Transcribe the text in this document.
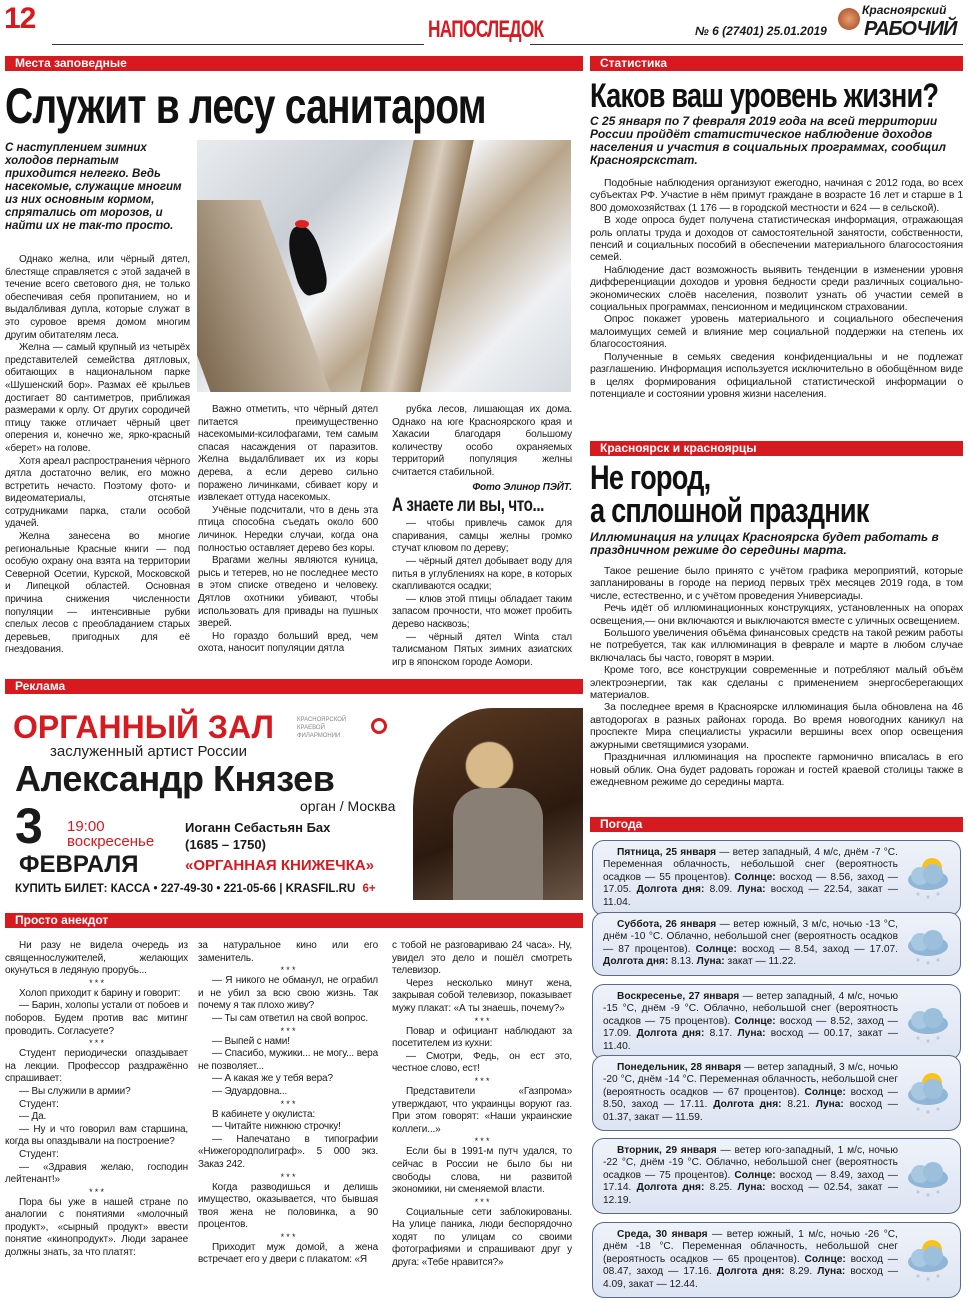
12	НАПОСЛЕДОК	№ 6 (27401) 25.01.2019
Красноярский
РАБОЧИЙ
Места заповедные
Служит в лесу санитаром
С наступлением зимних холодов пернатым приходится нелегко. Ведь насекомые, служащие многим из них основным кормом, спрятались от морозов, и найти их не так-то просто.

Однако желна, или чёрный дятел, блестяще справляется с этой задачей в течение всего светового дня, не только обеспечивая себя пропитанием, но и выдалбливая дупла, которые служат в это суровое время домом многим другим обитателям леса.

Желна — самый крупный из четырёх представителей семейства дятловых, обитающих в национальном парке «Шушенский бор». Размах её крыльев достигает 80 сантиметров, приближая размерами к орлу. От других сородичей птицу также отличает чёрный цвет оперения и, конечно же, ярко-красный «берет» на голове.

Хотя ареал распространения чёрного дятла достаточно велик, его можно встретить нечасто. Поэтому фото- и видеоматериалы, отснятые сотрудниками парка, стали особой удачей.

Желна занесена во многие региональные Красные книги — под особую охрану она взята на территории Северной Осетии, Курской, Московской и Липецкой областей. Основная причина снижения численности популяции — интенсивные рубки спелых лесов с преобладанием старых деревьев, пригодных для её гнездования.

Важно отметить, что чёрный дятел питается преимущественно насекомыми-ксилофагами, тем самым спасая насаждения от паразитов. Желна выдалбливает их из коры дерева, а если дерево сильно поражено личинками, сбивает кору и извлекает оттуда насекомых.

Учёные подсчитали, что в день эта птица способна съедать около 600 личинок. Нередки случаи, когда она полностью оставляет дерево без коры.

Врагами желны являются куница, рысь и тетерев, но не последнее место в этом списке отведено и человеку. Дятлов охотники убивают, чтобы использовать для привады на пушных зверей.

Но гораздо больший вред, чем охота, наносит популяции дятла

рубка лесов, лишающая их дома. Однако на юге Красноярского края и Хакасии благодаря большому количеству особо охраняемых территорий популяция желны считается стабильной.

Фото Элинор ПЭЙТ.
А знаете ли вы, что...

— чтобы привлечь самок для спаривания, самцы желны громко стучат клювом по дереву;

— чёрный дятел добывает воду для питья в углублениях на коре, в которых скапливаются осадки;

— клюв этой птицы обладает таким запасом прочности, что может пробить дерево насквозь;

— чёрный дятел Winta стал талисманом Пятых зимних азиатских игр в японском городе Аомори.

Реклама
ОРГАННЫЙ ЗАЛ	КРАСНОЯРСКОЙ КРАЕВОЙ ФИЛАРМОНИИ
заслуженный артист России
Александр Князев
орган / Москва
3 19:00
воскресенье
ФЕВРАЛЯ
Иоганн Себастьян Бах
(1685 – 1750)
«ОРГАННАЯ КНИЖЕЧКА»
КУПИТЬ БИЛЕТ: КАССА • 227-49-30 • 221-05-66 | KRASFIL.RU 6+
Просто анекдот

Ни разу не видела очередь из священнослужителей, желающих окунуться в ледяную прорубь...

* * *

Холоп приходит к барину и говорит:

— Барин, холопы устали от побоев и поборов. Будем против вас митинг проводить. Согласуете?

* * *

Студент периодически опаздывает на лекции. Профессор раздражённо спрашивает:

— Вы служили в армии?

Студент:

— Да.

— Ну и что говорил вам старшина, когда вы опаздывали на построение?

Студент:

— «Здравия желаю, господин лейтенант!»

* * *

Пора бы уже в нашей стране по аналогии с понятиями «молочный продукт», «сырный продукт» ввести понятие «кинопродукт». Люди заранее должны знать, за что платят:

за натуральное кино или его заменитель.

* * *

— Я никого не обманул, не ограбил и не убил за всю свою жизнь. Так почему я так плохо живу?

— Ты сам ответил на свой вопрос.

* * *

— Выпей с нами!

— Спасибо, мужики... не могу... вера не позволяет...

— А какая же у тебя вера?

— Эдуардовна...

* * *

В кабинете у окулиста:

— Читайте нижнюю строчку!

— Напечатано в типографии «Нижегородполиграф». 5 000 экз. Заказ 242.

* * *

Когда разводишься и делишь имущество, оказывается, что бывшая твоя жена не половинка, а 90 процентов.

* * *

Приходит муж домой, а жена встречает его у двери с плакатом: «Я

с тобой не разговариваю 24 часа». Ну, увидел это дело и пошёл смотреть телевизор.

Через несколько минут жена, закрывая собой телевизор, показывает мужу плакат: «А ты знаешь, почему?»

* * *

Повар и официант наблюдают за посетителем из кухни:

— Смотри, Федь, он ест это, честное слово, ест!

* * *

Представители «Газпрома» утверждают, что украинцы воруют газ. При этом говорят: «Наши украинские коллеги...»

* * *

Если бы в 1991-м путч удался, то сейчас в России не было бы ни свободы слова, ни развитой экономики, ни сменяемой власти.

* * *

Социальные сети заблокированы. На улице паника, люди беспорядочно ходят по улицам со своими фотографиями и спрашивают друг у друга: «Тебе нравится?»

Статистика
Каков ваш уровень жизни?
С 25 января по 7 февраля 2019 года на всей территории России пройдёт статистическое наблюдение доходов населения и участия в социальных программах, сообщил Красноярскстат.

Подобные наблюдения организуют ежегодно, начиная с 2012 года, во всех субъектах РФ. Участие в нём примут граждане в возрасте 16 лет и старше в 1 800 домохозяйствах (1 176 — в городской местности и 624 — в сельской).

В ходе опроса будет получена статистическая информация, отражающая роль оплаты труда и доходов от самостоятельной занятости, собственности, пенсий и социальных пособий в обеспечении материального благосостояния семей.

Наблюдение даст возможность выявить тенденции в изменении уровня дифференциации доходов и уровня бедности среди различных социально-экономических слоёв населения, позволит узнать об участии семей в социальных программах, пенсионном и медицинском страховании.

Опрос покажет уровень материального и социального обеспечения малоимущих семей и влияние мер социальной поддержки на степень их благосостояния.

Полученные в семьях сведения конфиденциальны и не подлежат разглашению. Информация используется исключительно в обобщённом виде в целях формирования официальной статистической информации о потенциале и состоянии уровня жизни населения.

Красноярск и красноярцы
Не город,
а сплошной праздник
Иллюминация на улицах Красноярска будет работать в праздничном режиме до середины марта.

Такое решение было принято с учётом графика мероприятий, которые запланированы в городе на период первых трёх месяцев 2019 года, в том числе, естественно, и с учётом проведения Универсиады.

Речь идёт об иллюминационных конструкциях, установленных на опорах освещения,— они включаются и выключаются вместе с уличных освещением.

Большого увеличения объёма финансовых средств на такой режим работы не потребуется, так как иллюминация в феврале и марте в любом случае включалась бы часто, говорят в мэрии.

Кроме того, все конструкции современные и потребляют малый объём электроэнергии, так как сделаны с применением энергосберегающих материалов.

За последнее время в Красноярске иллюминация была обновлена на 46 автодорогах в разных районах города. Во время новогодних каникул на проспекте Мира специалисты украсили вершины всех опор освещения ажурными светящимися узорами.

Праздничная иллюминация на проспекте гармонично вписалась в его новый облик. Она будет радовать горожан и гостей краевой столицы также в ежедневном режиме до середины марта.

Погода
Пятница, 25 января — ветер западный, 4 м/с, днём -7 °С. Переменная облачность, небольшой снег (вероятность осадков — 55 процентов). Солнце: восход — 8.56, заход — 17.05. Долгота дня: 8.09. Луна: восход — 22.54, закат — 11.04.
Суббота, 26 января — ветер южный, 3 м/с, ночью -13 °С, днём -10 °С. Облачно, небольшой снег (вероятность осадков — 87 процентов). Солнце: восход — 8.54, заход — 17.07. Долгота дня: 8.13. Луна: закат — 11.22.
Воскресенье, 27 января — ветер западный, 4 м/с, ночью -15 °С, днём -9 °С. Облачно, небольшой снег (вероятность осадков — 75 процентов). Солнце: восход — 8.52, заход — 17.09. Долгота дня: 8.17. Луна: восход — 00.17, закат — 11.40.
Понедельник, 28 января — ветер западный, 3 м/с, ночью -20 °С, днём -14 °С. Переменная облачность, небольшой снег (вероятность осадков — 67 процентов). Солнце: восход — 8.50, заход — 17.11. Долгота дня: 8.21. Луна: восход — 01.37, закат — 11.59.
Вторник, 29 января — ветер юго-западный, 1 м/с, ночью -22 °С, днём -19 °С. Облачно, небольшой снег (вероятность осадков — 75 процентов). Солнце: восход — 8.49, заход — 17.14. Долгота дня: 8.25. Луна: восход — 02.54, закат — 12.19.
Среда, 30 января — ветер южный, 1 м/с, ночью -26 °С, днём -18 °С. Переменная облачность, небольшой снег (вероятность осадков — 65 процентов). Солнце: восход — 08.47, заход — 17.16. Долгота дня: 8.29. Луна: восход — 4.09, закат — 12.44.
